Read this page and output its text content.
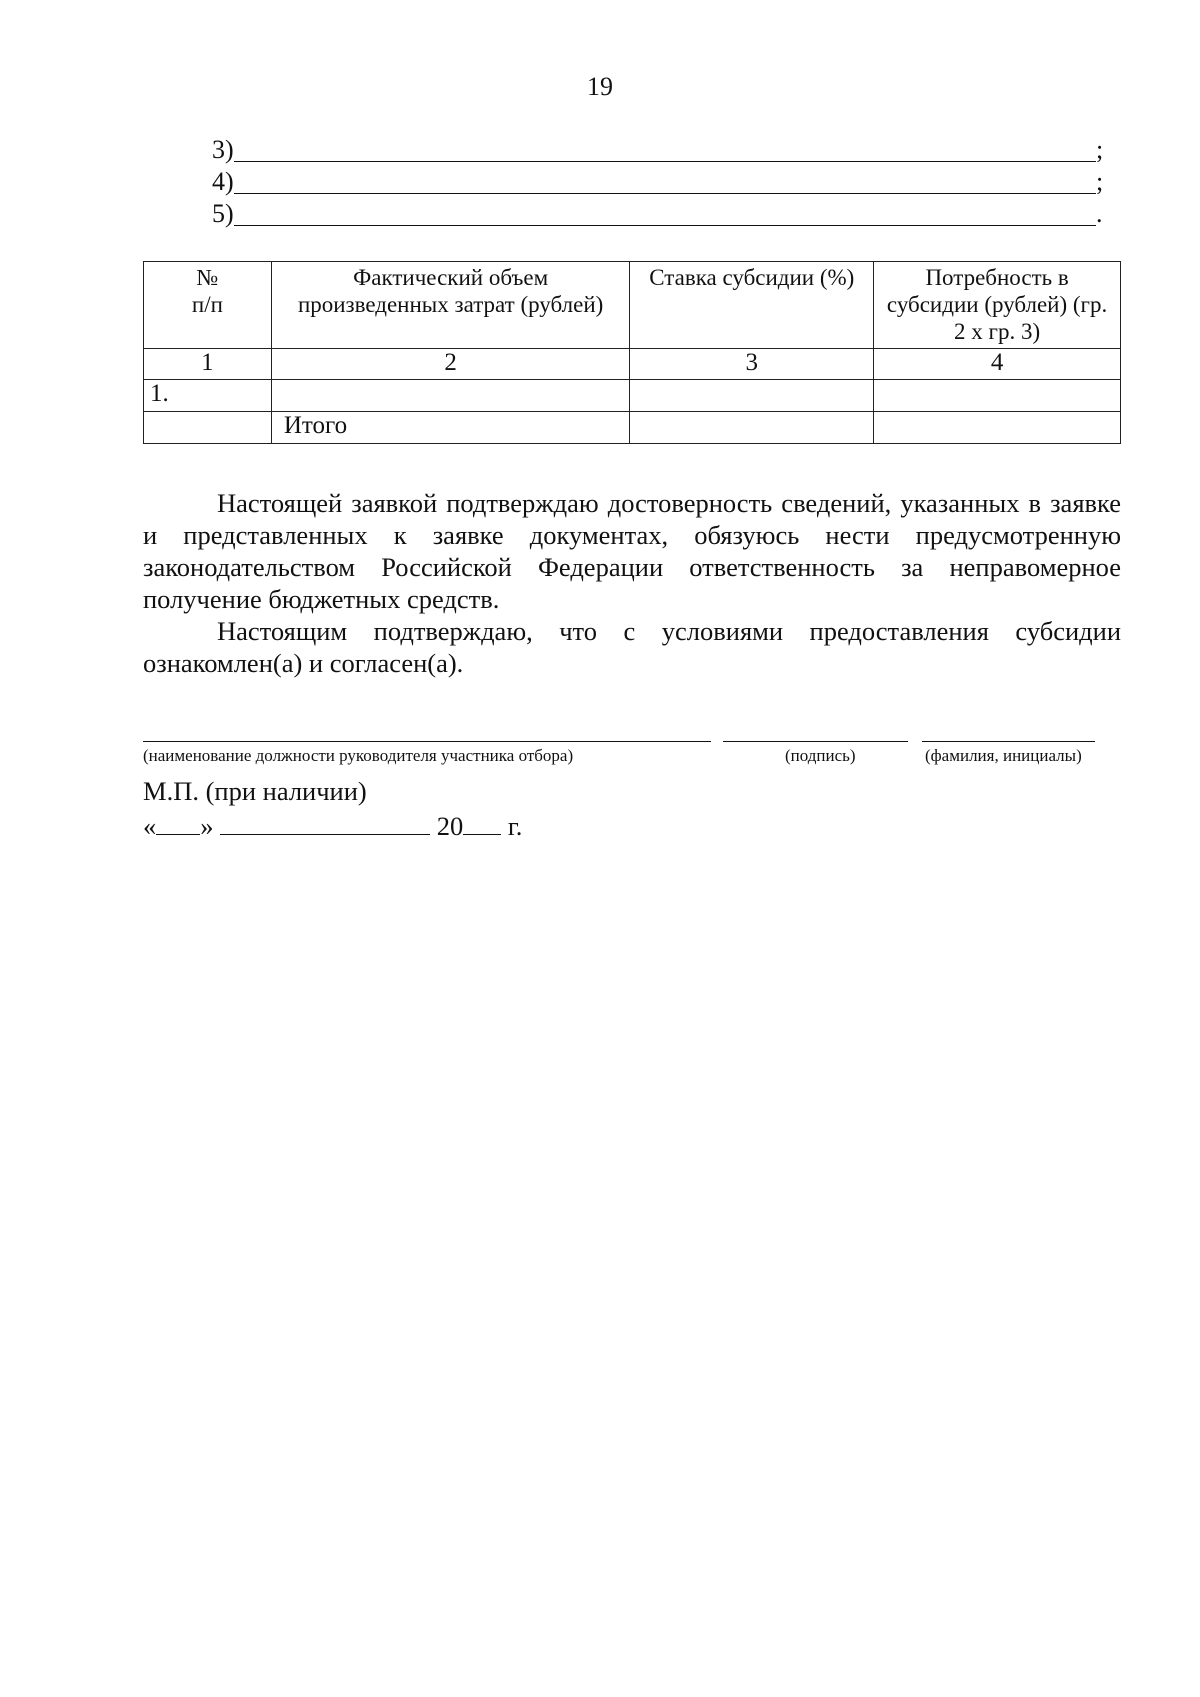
19
3)	;
4)	;
5)	.
№
п/п	Фактический объем произведенных затрат (рублей)	Ставка субсидии (%)	Потребность в субсидии (рублей) (гр. 2 х гр. 3)
1	2	3	4
1.			
	Итого		

Настоящей заявкой подтверждаю достоверность сведений, указанных в заявке и представленных к заявке документах, обязуюсь нести предусмотренную законодательством Российской Федерации ответственность за неправомерное получение бюджетных средств.

Настоящим подтверждаю, что с условиями предоставления субсидии ознакомлен(а) и согласен(а).

(наименование должности руководителя участника отбора)	(подпись)	(фамилия, инициалы)
М.П. (при наличии)
« »	20 г.
